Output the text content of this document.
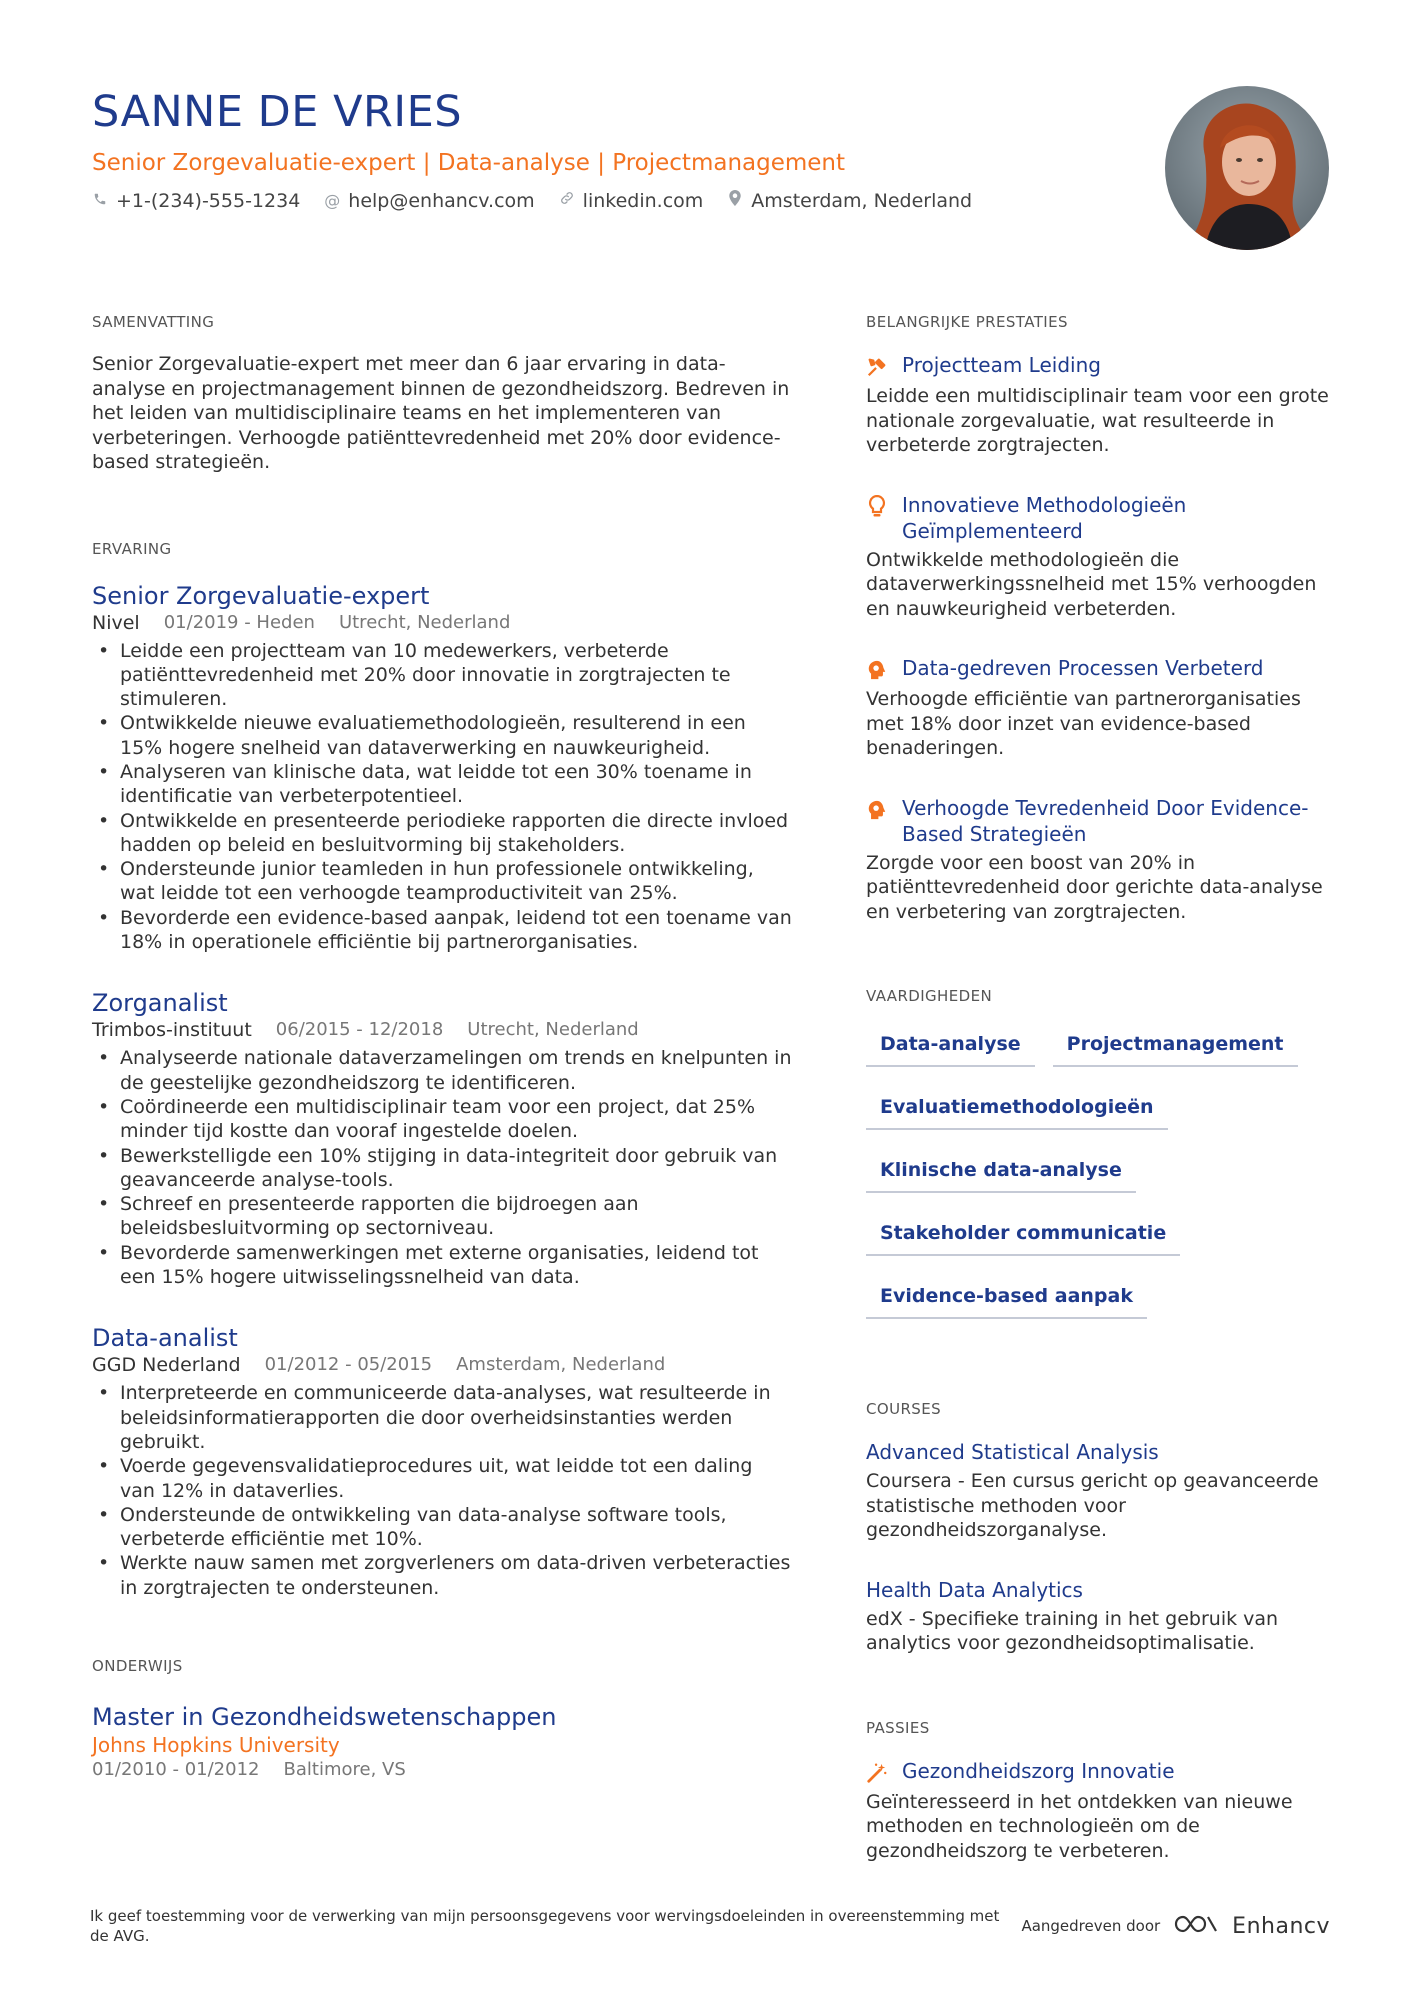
SANNE DE VRIES
Senior Zorgevaluatie-expert | Data-analyse | Projectmanagement
+1-(234)-555-1234 @ help@enhancv.com	linkedin.com	Amsterdam, Nederland
SAMENVATTING

Senior Zorgevaluatie-expert met meer dan 6 jaar ervaring in data-analyse en projectmanagement binnen de gezondheidszorg. Bedreven in het leiden van multidisciplinaire teams en het implementeren van verbeteringen. Verhoogde patiënttevredenheid met 20% door evidence-based strategieën.

ERVARING
Senior Zorgevaluatie-expert
Nivel 01/2019 - Heden Utrecht, Nederland
• Leidde een projectteam van 10 medewerkers, verbeterde patiënttevredenheid met 20% door innovatie in zorgtrajecten te stimuleren.
• Ontwikkelde nieuwe evaluatiemethodologieën, resulterend in een 15% hogere snelheid van dataverwerking en nauwkeurigheid.
• Analyseren van klinische data, wat leidde tot een 30% toename in identificatie van verbeterpotentieel.
• Ontwikkelde en presenteerde periodieke rapporten die directe invloed hadden op beleid en besluitvorming bij stakeholders.
• Ondersteunde junior teamleden in hun professionele ontwikkeling, wat leidde tot een verhoogde teamproductiviteit van 25%.
• Bevorderde een evidence-based aanpak, leidend tot een toename van 18% in operationele efficiëntie bij partnerorganisaties.
Zorganalist
Trimbos-instituut 06/2015 - 12/2018 Utrecht, Nederland
• Analyseerde nationale dataverzamelingen om trends en knelpunten in de geestelijke gezondheidszorg te identificeren.
• Coördineerde een multidisciplinair team voor een project, dat 25% minder tijd kostte dan vooraf ingestelde doelen.
• Bewerkstelligde een 10% stijging in data-integriteit door gebruik van geavanceerde analyse-tools.
• Schreef en presenteerde rapporten die bijdroegen aan beleidsbesluitvorming op sectorniveau.
• Bevorderde samenwerkingen met externe organisaties, leidend tot een 15% hogere uitwisselingssnelheid van data.
Data-analist
GGD Nederland 01/2012 - 05/2015 Amsterdam, Nederland
• Interpreteerde en communiceerde data-analyses, wat resulteerde in beleidsinformatierapporten die door overheidsinstanties werden gebruikt.
• Voerde gegevensvalidatieprocedures uit, wat leidde tot een daling van 12% in dataverlies.
• Ondersteunde de ontwikkeling van data-analyse software tools, verbeterde efficiëntie met 10%.
• Werkte nauw samen met zorgverleners om data-driven verbeteracties in zorgtrajecten te ondersteunen.
ONDERWIJS
Master in Gezondheidswetenschappen
Johns Hopkins University
01/2010 - 01/2012 Baltimore, VS
BELANGRIJKE PRESTATIES
Projectteam Leiding
Leidde een multidisciplinair team voor een grote nationale zorgevaluatie, wat resulteerde in verbeterde zorgtrajecten.
Innovatieve Methodologieën Geïmplementeerd
Ontwikkelde methodologieën die dataverwerkingssnelheid met 15% verhoogden en nauwkeurigheid verbeterden.
Data-gedreven Processen Verbeterd
Verhoogde efficiëntie van partnerorganisaties met 18% door inzet van evidence-based benaderingen.
Verhoogde Tevredenheid Door Evidence-Based Strategieën
Zorgde voor een boost van 20% in patiënttevredenheid door gerichte data-analyse en verbetering van zorgtrajecten.
VAARDIGHEDEN
Data-analyse	Projectmanagement
Evaluatiemethodologieën
Klinische data-analyse
Stakeholder communicatie
Evidence-based aanpak
COURSES
Advanced Statistical Analysis
Coursera - Een cursus gericht op geavanceerde statistische methoden voor gezondheidszorganalyse.
Health Data Analytics
edX - Specifieke training in het gebruik van analytics voor gezondheidsoptimalisatie.
PASSIES
Gezondheidszorg Innovatie
Geïnteresseerd in het ontdekken van nieuwe methoden en technologieën om de gezondheidszorg te verbeteren.
Ik geef toestemming voor de verwerking van mijn persoonsgegevens voor wervingsdoeleinden in overeenstemming met de AVG.
Aangedreven door	Enhancv
